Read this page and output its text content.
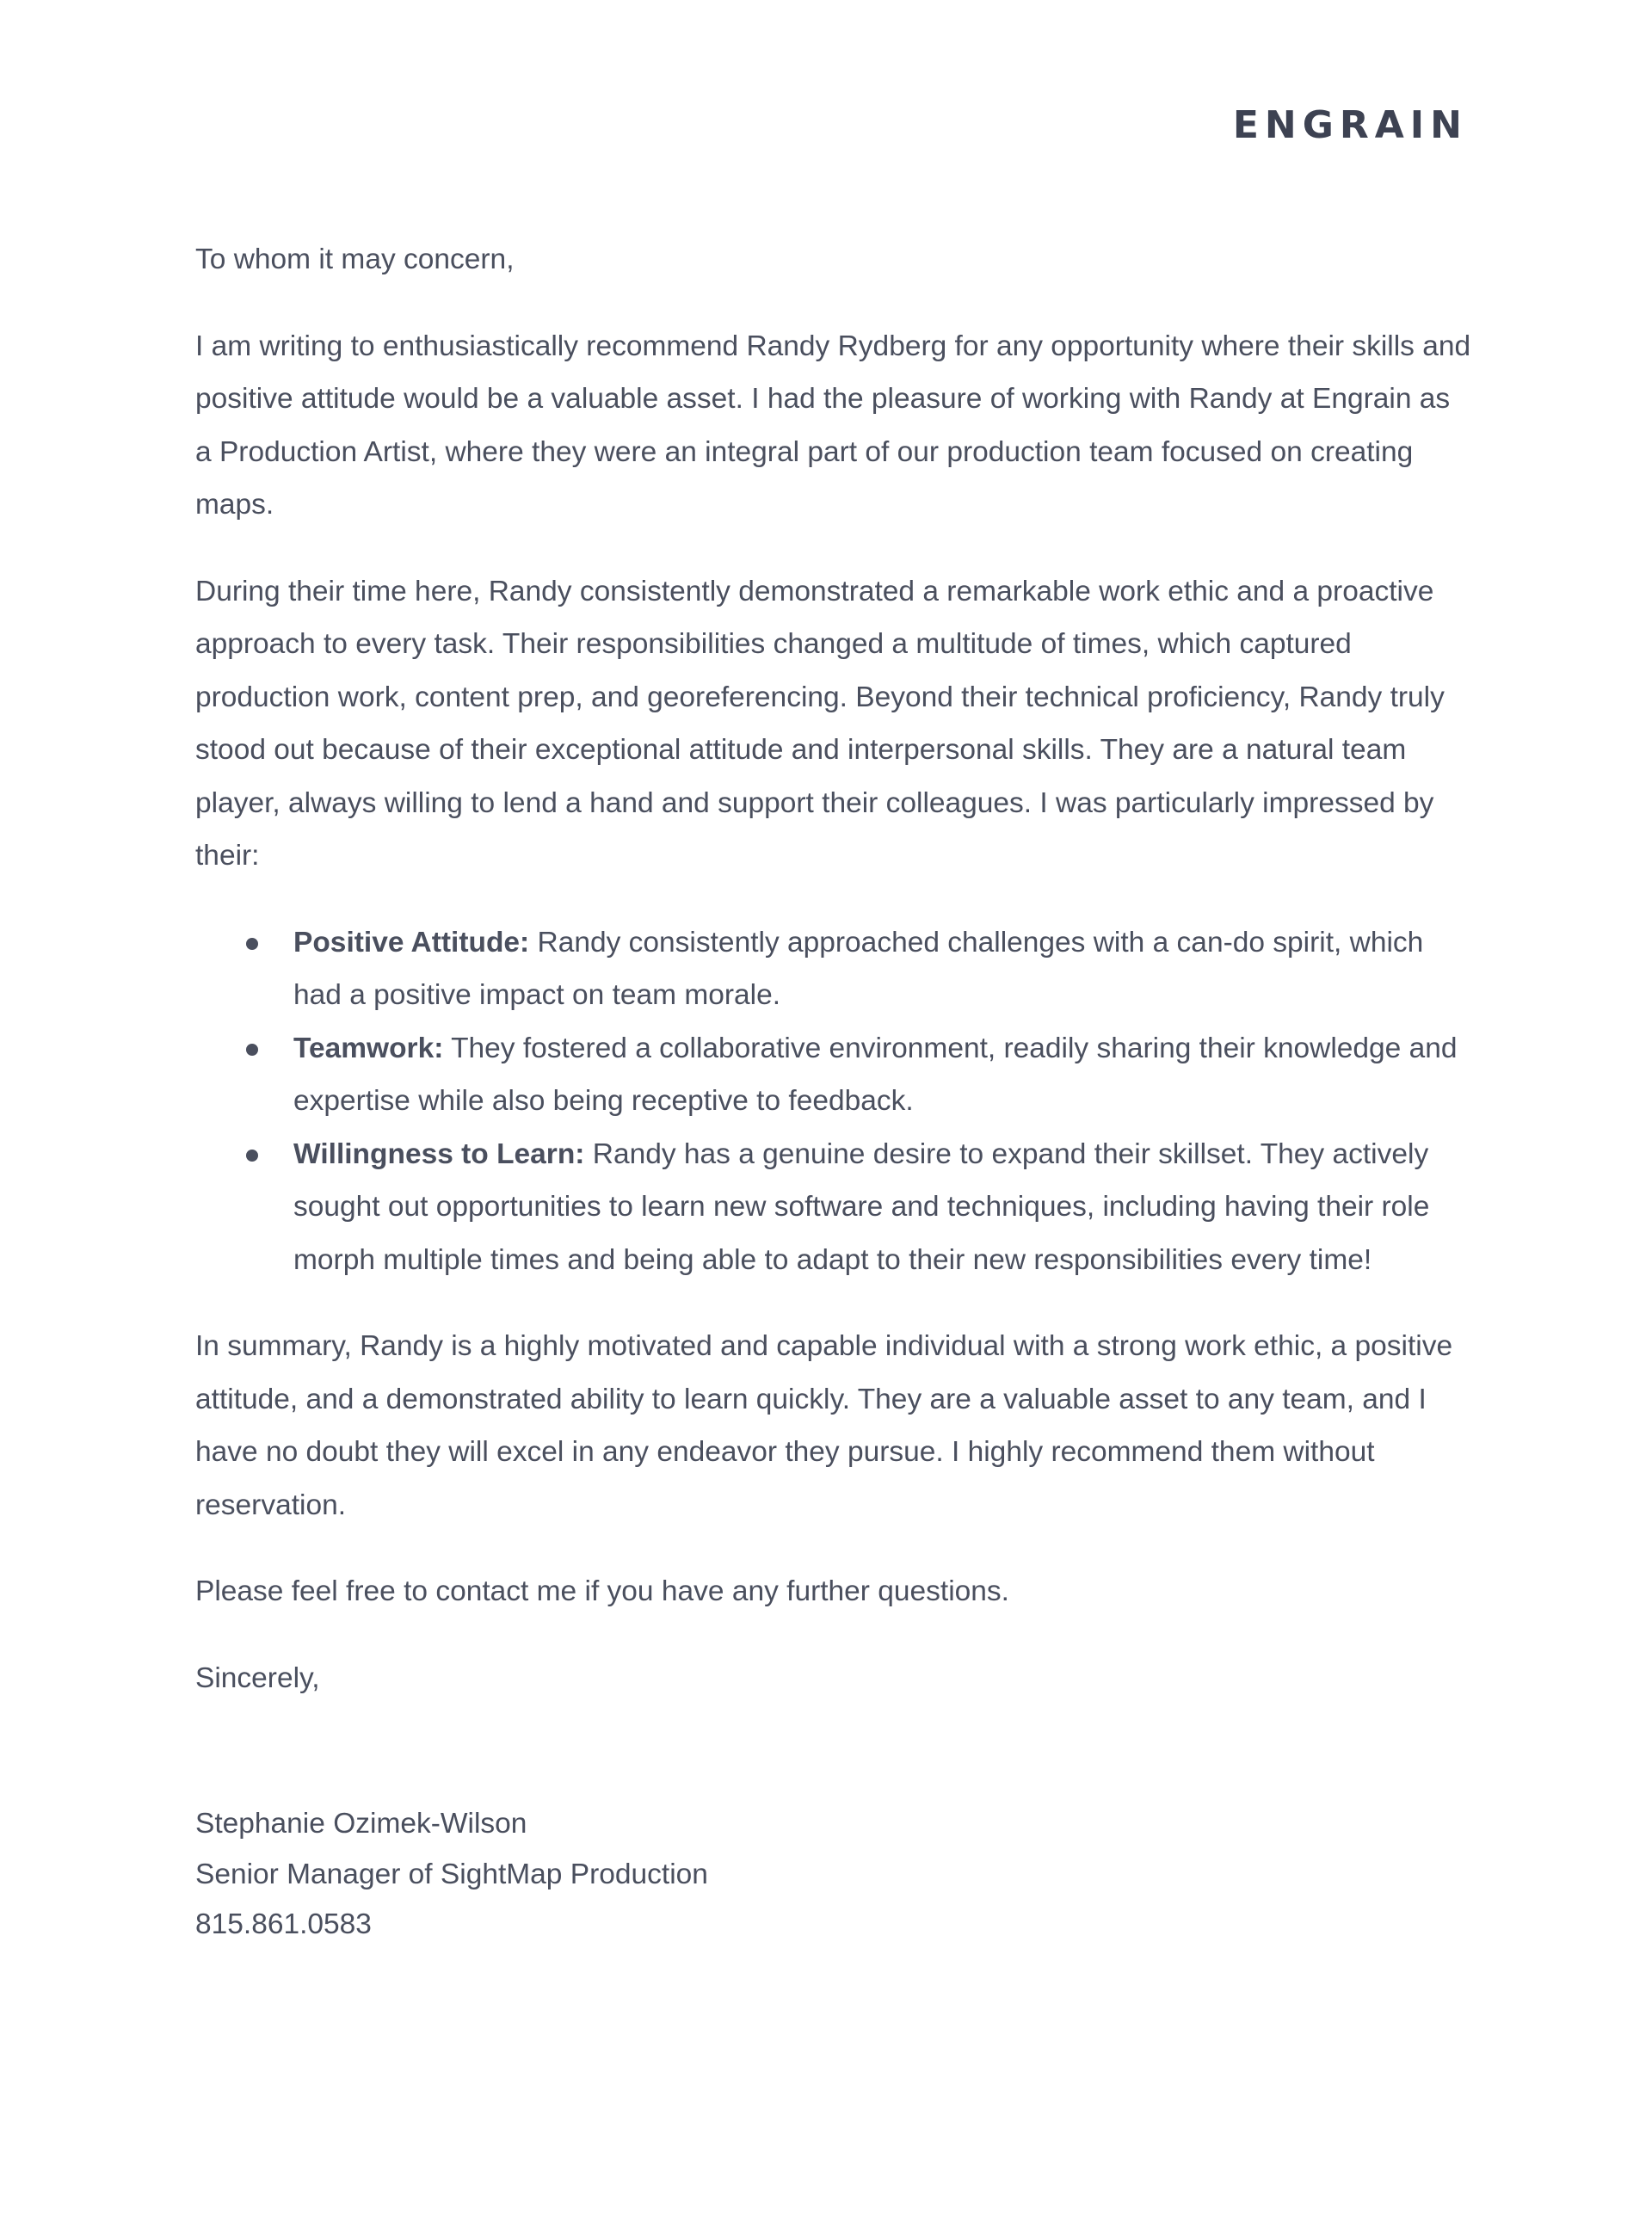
ENGRAIN

To whom it may concern,

I am writing to enthusiastically recommend Randy Rydberg for any opportunity where their skills and positive attitude would be a valuable asset. I had the pleasure of working with Randy at Engrain as a Production Artist, where they were an integral part of our production team focused on creating maps.

During their time here, Randy consistently demonstrated a remarkable work ethic and a proactive approach to every task. Their responsibilities changed a multitude of times, which captured production work, content prep, and georeferencing. Beyond their technical proficiency, Randy truly stood out because of their exceptional attitude and interpersonal skills. They are a natural team player, always willing to lend a hand and support their colleagues. I was particularly impressed by their:

Positive Attitude: Randy consistently approached challenges with a can-do spirit, which had a positive impact on team morale.
Teamwork: They fostered a collaborative environment, readily sharing their knowledge and expertise while also being receptive to feedback.
Willingness to Learn: Randy has a genuine desire to expand their skillset. They actively sought out opportunities to learn new software and techniques, including having their role morph multiple times and being able to adapt to their new responsibilities every time!

In summary, Randy is a highly motivated and capable individual with a strong work ethic, a positive attitude, and a demonstrated ability to learn quickly. They are a valuable asset to any team, and I have no doubt they will excel in any endeavor they pursue. I highly recommend them without reservation.

Please feel free to contact me if you have any further questions.

Sincerely,

Stephanie Ozimek-Wilson
Senior Manager of SightMap Production
815.861.0583
